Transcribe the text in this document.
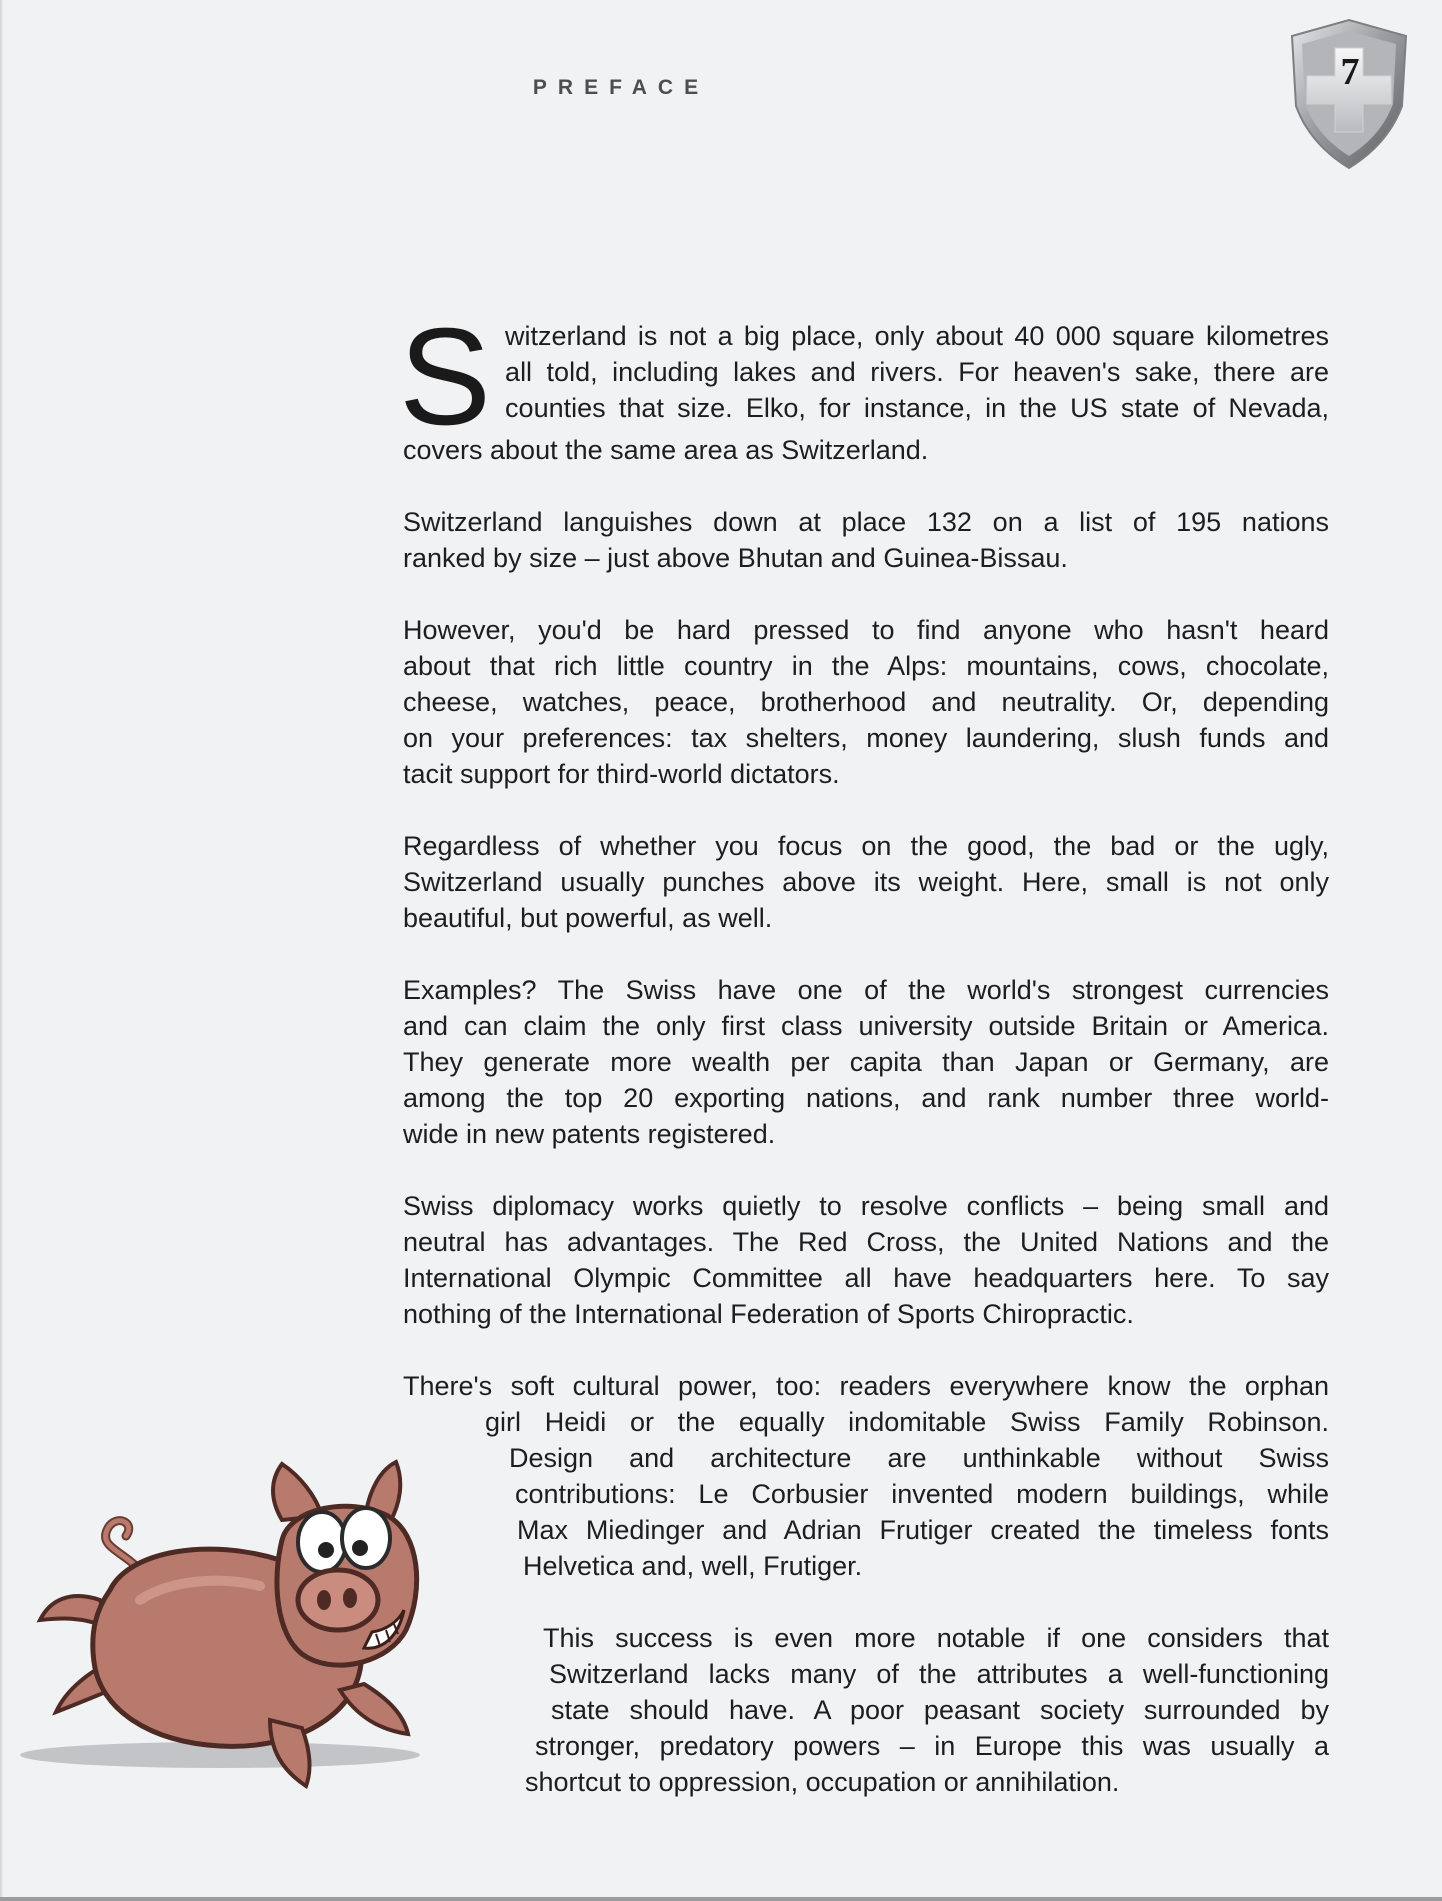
PREFACE	7
S witzerland is not a big place, only about 40 000 square kilometres
all told, including lakes and rivers. For heaven's sake, there are
counties that size. Elko, for instance, in the US state of Nevada,
covers about the same area as Switzerland.
Switzerland languishes down at place 132 on a list of 195 nations
ranked by size – just above Bhutan and Guinea-Bissau.
However, you'd be hard pressed to find anyone who hasn't heard
about that rich little country in the Alps: mountains, cows, chocolate,
cheese, watches, peace, brotherhood and neutrality. Or, depending
on your preferences: tax shelters, money laundering, slush funds and
tacit support for third-world dictators.
Regardless of whether you focus on the good, the bad or the ugly,
Switzerland usually punches above its weight. Here, small is not only
beautiful, but powerful, as well.
Examples? The Swiss have one of the world's strongest currencies
and can claim the only first class university outside Britain or America.
They generate more wealth per capita than Japan or Germany, are
among the top 20 exporting nations, and rank number three world-
wide in new patents registered.
Swiss diplomacy works quietly to resolve conflicts – being small and
neutral has advantages. The Red Cross, the United Nations and the
International Olympic Committee all have headquarters here. To say
nothing of the International Federation of Sports Chiropractic.
There's soft cultural power, too: readers everywhere know the orphan
girl Heidi or the equally indomitable Swiss Family Robinson.
Design and architecture are unthinkable without Swiss
contributions: Le Corbusier invented modern buildings, while
Max Miedinger and Adrian Frutiger created the timeless fonts
Helvetica and, well, Frutiger.
This success is even more notable if one considers that
Switzerland lacks many of the attributes a well-functioning
state should have. A poor peasant society surrounded by
stronger, predatory powers – in Europe this was usually a
shortcut to oppression, occupation or annihilation.
